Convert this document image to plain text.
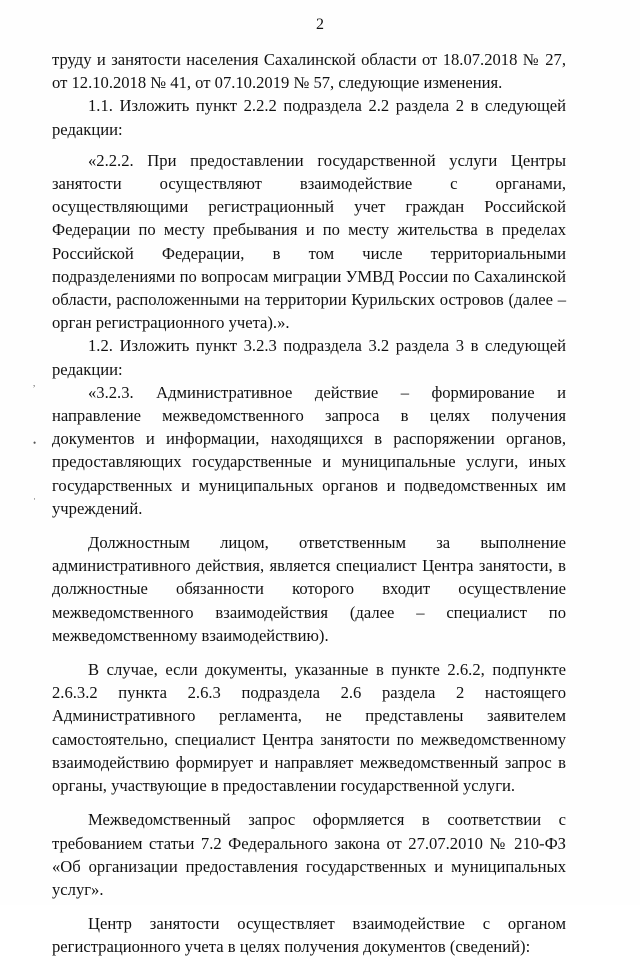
2
,
•
·

труду и занятости населения Сахалинской области от 18.07.2018 № 27, от 12.10.2018 № 41, от 07.10.2019 № 57, следующие изменения.

1.1. Изложить пункт 2.2.2 подраздела 2.2 раздела 2 в следующей редакции:

«2.2.2. При предоставлении государственной услуги Центры занятости осуществляют взаимодействие с органами, осуществляющими регистрационный учет граждан Российской Федерации по месту пребывания и по месту жительства в пределах Российской Федерации, в том числе территориальными подразделениями по вопросам миграции УМВД России по Сахалинской области, расположенными на территории Курильских островов (далее – орган регистрационного учета).».

1.2. Изложить пункт 3.2.3 подраздела 3.2 раздела 3 в следующей редакции:

«3.2.3. Административное действие – формирование и направление межведомственного запроса в целях получения документов и информации, находящихся в распоряжении органов, предоставляющих государственные и муниципальные услуги, иных государственных и муниципальных органов и подведомственных им учреждений.

Должностным лицом, ответственным за выполнение административного действия, является специалист Центра занятости, в должностные обязанности которого входит осуществление межведомственного взаимодействия (далее – специалист по межведомственному взаимодействию).

В случае, если документы, указанные в пункте 2.6.2, подпункте 2.6.3.2 пункта 2.6.3 подраздела 2.6 раздела 2 настоящего Административного регламента, не представлены заявителем самостоятельно, специалист Центра занятости по межведомственному взаимодействию формирует и направляет межведомственный запрос в органы, участвующие в предоставлении государственной услуги.

Межведомственный запрос оформляется в соответствии с требованием статьи 7.2 Федерального закона от 27.07.2010 № 210-ФЗ «Об организации предоставления государственных и муниципальных услуг».

Центр занятости осуществляет взаимодействие с органом регистрационного учета в целях получения документов (сведений):
